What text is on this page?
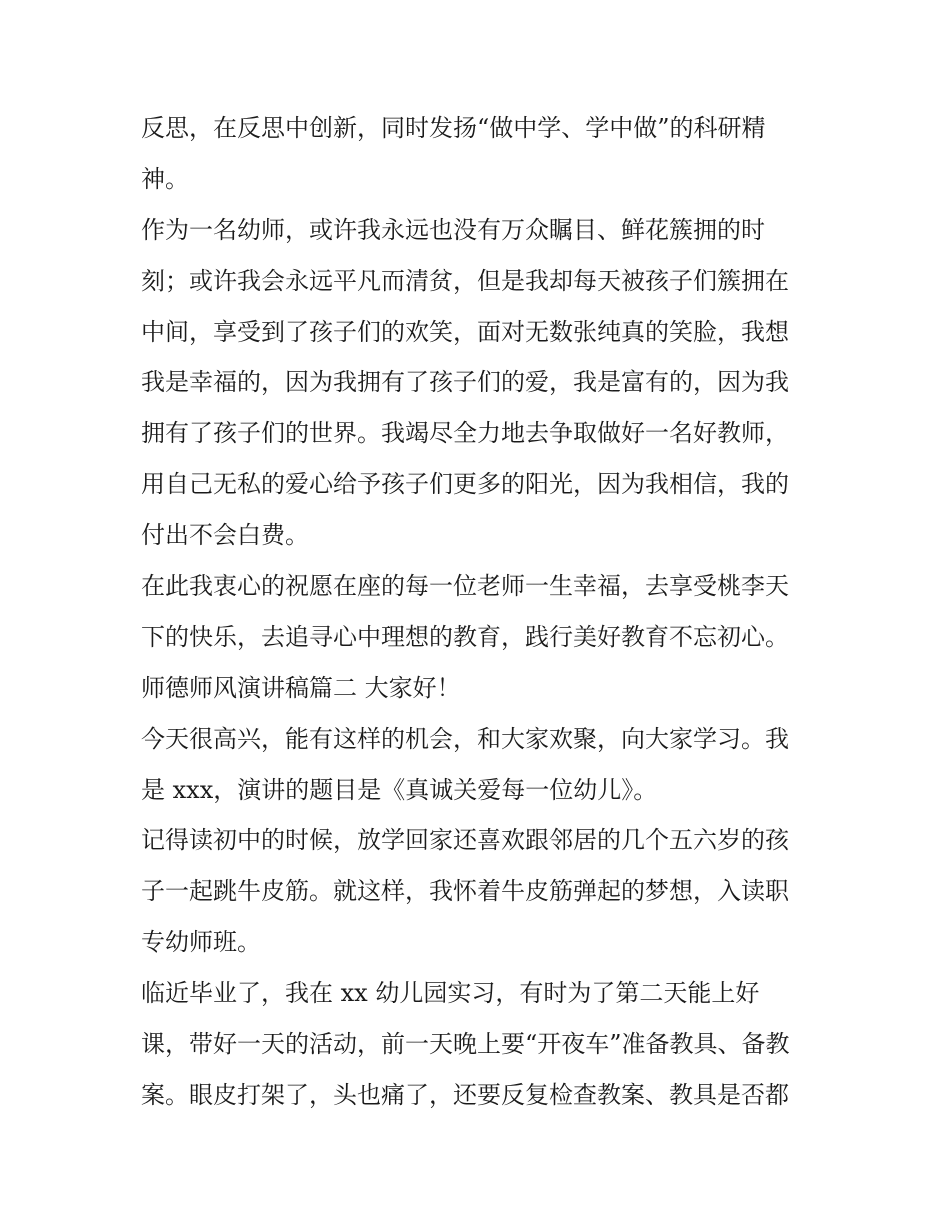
反思，在反思中创新，同时发扬“做中学、学中做”的科研精
神。
作为一名幼师，或许我永远也没有万众瞩目、鲜花簇拥的时
刻；或许我会永远平凡而清贫，但是我却每天被孩子们簇拥在
中间，享受到了孩子们的欢笑，面对无数张纯真的笑脸，我想
我是幸福的，因为我拥有了孩子们的爱，我是富有的，因为我
拥有了孩子们的世界。我竭尽全力地去争取做好一名好教师，
用自己无私的爱心给予孩子们更多的阳光，因为我相信，我的
付出不会白费。
在此我衷心的祝愿在座的每一位老师一生幸福，去享受桃李天
下的快乐，去追寻心中理想的教育，践行美好教育不忘初心。
师德师风演讲稿篇二 大家好！
今天很高兴，能有这样的机会，和大家欢聚，向大家学习。我
是 xxx，演讲的题目是《真诚关爱每一位幼儿》。
记得读初中的时候，放学回家还喜欢跟邻居的几个五六岁的孩
子一起跳牛皮筋。就这样，我怀着牛皮筋弹起的梦想，入读职
专幼师班。
临近毕业了，我在 xx 幼儿园实习，有时为了第二天能上好
课，带好一天的活动，前一天晚上要“开夜车”准备教具、备教
案。眼皮打架了，头也痛了，还要反复检查教案、教具是否都
